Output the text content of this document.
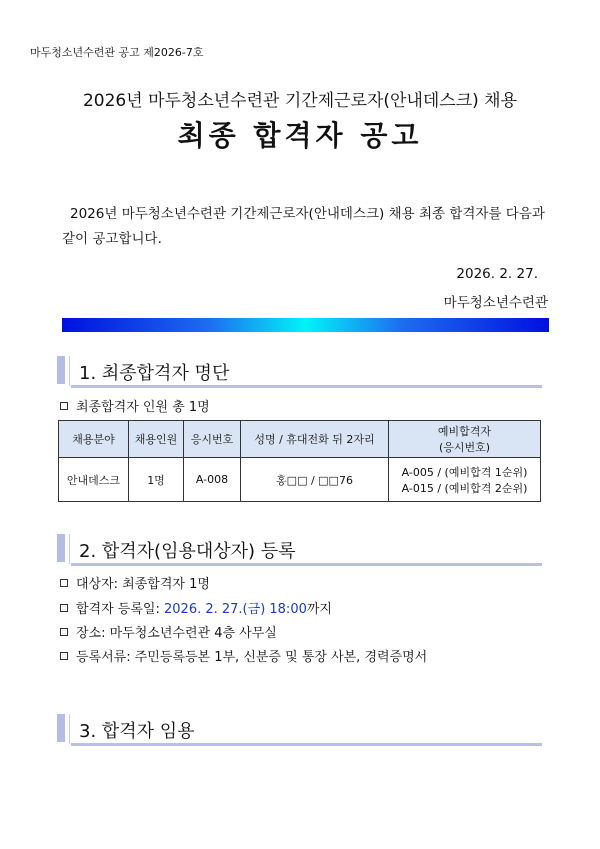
마두청소년수련관 공고 제2026-7호
2026년 마두청소년수련관 기간제근로자(안내데스크) 채용
최종 합격자 공고
2026년 마두청소년수련관 기간제근로자(안내데스크) 채용 최종 합격자를 다음과 같이 공고합니다.
2026. 2. 27.
마두청소년수련관
1. 최종합격자 명단
최종합격자 인원 총 1명
채용분야	채용인원	응시번호	성명 / 휴대전화 뒤 2자리	예비합격자
(응시번호)

안내데스크	1명	A-008	홍□□ / □□76	A-005 / (예비합격 1순위)
A-015 / (예비합격 2순위)
2. 합격자(임용대상자) 등록
대상자: 최종합격자 1명
합격자 등록일: 2026. 2. 27.(금) 18:00까지
장소: 마두청소년수련관 4층 사무실
등록서류: 주민등록등본 1부, 신분증 및 통장 사본, 경력증명서
3. 합격자 임용
